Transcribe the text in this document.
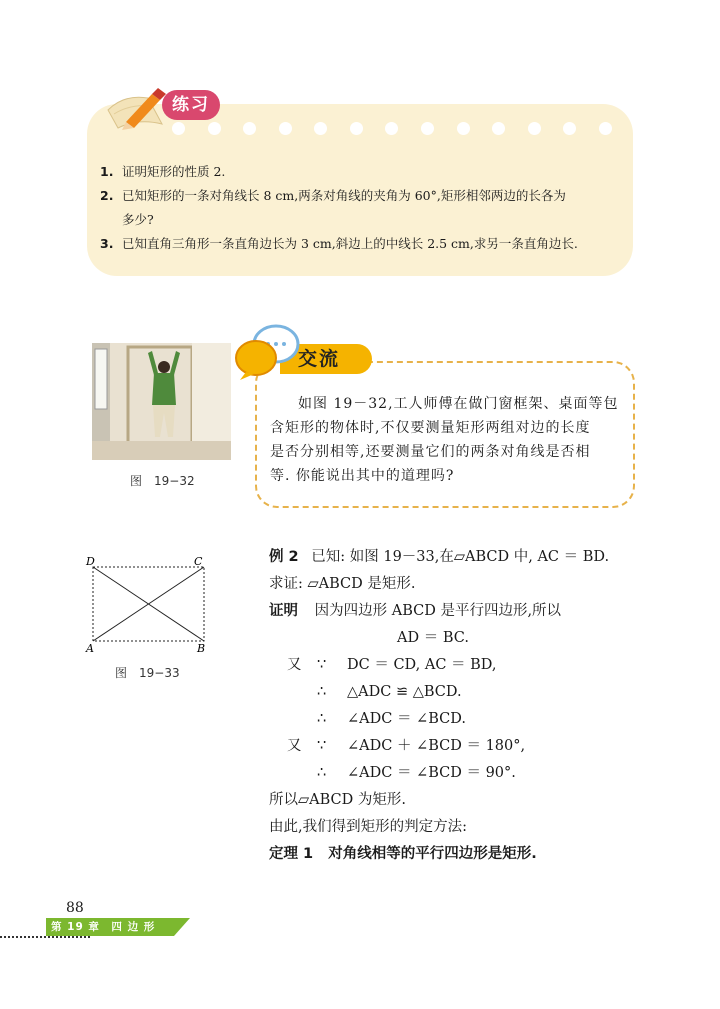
练习
1. 证明矩形的性质 2.
2. 已知矩形的一条对角线长 8 cm,两条对角线的夹角为 60°,矩形相邻两边的长各为
多少?
3. 已知直角三角形一条直角边长为 3 cm,斜边上的中线长 2.5 cm,求另一条直角边长.
图　19−32
交流
如图 19－32,工人师傅在做门窗框架、桌面等包
含矩形的物体时,不仅要测量矩形两组对边的长度
是否分别相等,还要测量它们的两条对角线是否相
等. 你能说出其中的道理吗?
D	C
A	B
图　19−33
例 2 已知: 如图 19－33,在▱ABCD 中, AC ＝ BD.
求证: ▱ABCD 是矩形.
证明 因为四边形 ABCD 是平行四边形,所以
AD ＝ BC.
又	∵	DC ＝ CD, AC ＝ BD,
∴	△ADC ≌ △BCD.
∴	∠ADC ＝ ∠BCD.
又	∵	∠ADC ＋ ∠BCD ＝ 180°,
∴	∠ADC ＝ ∠BCD ＝ 90°.
所以▱ABCD 为矩形.
由此,我们得到矩形的判定方法:
定理 1 对角线相等的平行四边形是矩形.
88
第 19 章　四 边 形
